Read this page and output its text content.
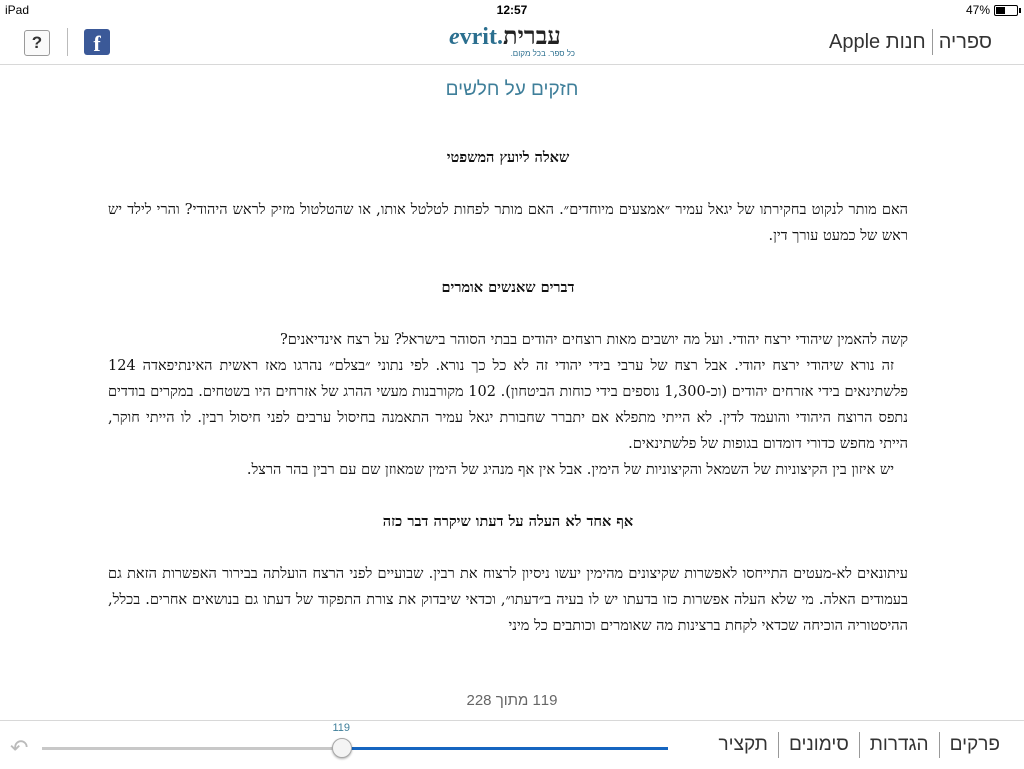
iPad	12:57	47%
?	f	evrit.עברית
כל ספר. בכל מקום.
ספריה
חנות Apple
חזקים על חלשים
שאלה ליועץ המשפטי

האם מותר לנקוט בחקירתו של יגאל עמיר ״אמצעים מיוחדים״. האם מותר לפחות לטלטל אותו, או שהטלטול מזיק לראש היהודי? והרי לילד יש ראש של כמעט עורך דין.

דברים שאנשים אומרים

קשה להאמין שיהודי ירצח יהודי. ועל מה יושבים מאות רוצחים יהודים בבתי הסוהר בישראל? על רצח אינדיאנים?

זה נורא שיהודי ירצח יהודי. אבל רצח של ערבי בידי יהודי זה לא כל כך נורא. לפי נתוני ״בצלם״ נהרגו מאז ראשית האינתיפאדה 124 פלשתינאים בידי אזרחים יהודים (וכ-1,300 נוספים בידי כוחות הביטחון). 102 מקורבנות מעשי ההרג של אזרחים היו בשטחים. במקרים בודדים נתפס הרוצח היהודי והועמד לדין. לא הייתי מתפלא אם יתברר שחבורת יגאל עמיר התאמנה בחיסול ערבים לפני חיסול רבין. לו הייתי חוקר, הייתי מחפש כדורי דומדום בגופות של פלשתינאים.

יש איזון בין הקיצוניות של השמאל והקיצוניות של הימין. אבל אין אף מנהיג של הימין שמאוזן שם עם רבין בהר הרצל.

אף אחד לא העלה על דעתו שיקרה דבר כזה

עיתונאים לא-מעטים התייחסו לאפשרות שקיצונים מהימין יעשו ניסיון לרצוח את רבין. שבועיים לפני הרצח הועלתה בבירור האפשרות הזאת גם בעמודים האלה. מי שלא העלה אפשרות כזו בדעתו יש לו בעיה ב״דעתו״, וכדאי שיבדוק את צורת התפקוד של דעתו גם בנושאים אחרים. בכלל, ההיסטוריה הוכיחה שכדאי לקחת ברצינות מה שאומרים וכותבים כל מיני

119 מתוך 228
↶
119
פרקים
הגדרות
סימונים
תקציר
